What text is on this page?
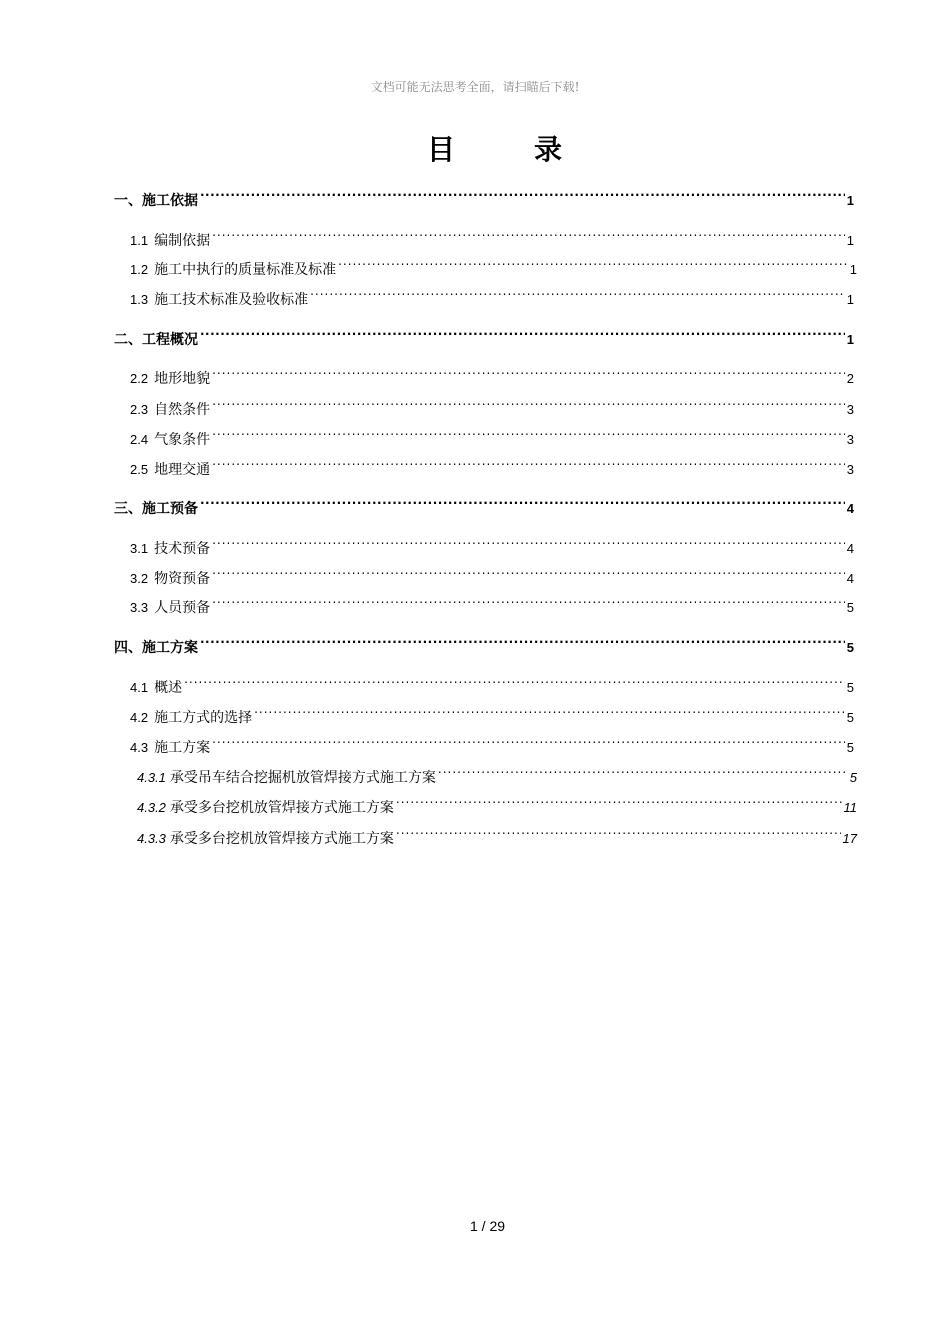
文档可能无法思考全面，请扫瞄后下载!
目	录
一、施工依据 .....	1
1.1 编制依据 .....	1
1.2 施工中执行的质量标准及标准 .....	1
1.3 施工技术标准及验收标准 .....	1
二、工程概况 .....	1
2.2 地形地貌 .....	2
2.3 自然条件 .....	3
2.4 气象条件 .....	3
2.5 地理交通 .....	3
三、施工预备 .....	4
3.1 技术预备 .....	4
3.2 物资预备 .....	4
3.3 人员预备 .....	5
四、施工方案 .....	5
4.1 概述 .....	5
4.2 施工方式的选择 .....	5
4.3 施工方案 .....	5
4.3.1 承受吊车结合挖掘机放管焊接方式施工方案 .....	5
4.3.2 承受多台挖机放管焊接方式施工方案 .....	11
4.3.3 承受多台挖机放管焊接方式施工方案 .....	17
1 / 29
